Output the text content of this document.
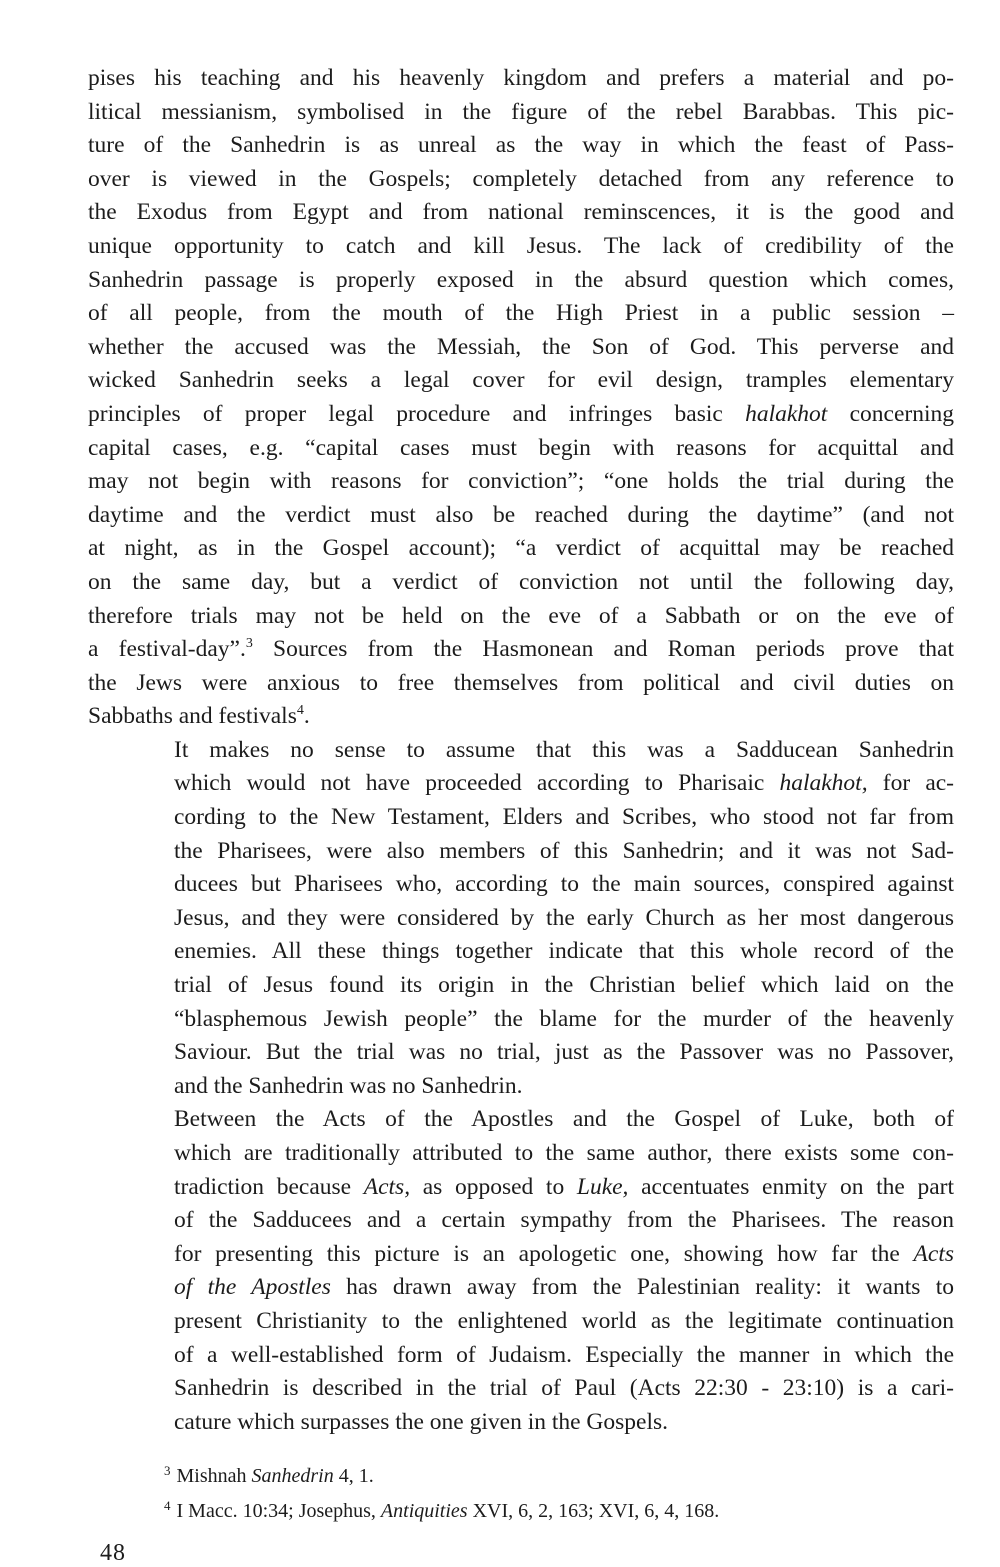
pises his teaching and his heavenly kingdom and prefers a material and po-
litical messianism, symbolised in the figure of the rebel Barabbas. This pic-
ture of the Sanhedrin is as unreal as the way in which the feast of Pass-
over is viewed in the Gospels; completely detached from any reference to
the Exodus from Egypt and from national reminscences, it is the good and
unique opportunity to catch and kill Jesus. The lack of credibility of the
Sanhedrin passage is properly exposed in the absurd question which comes,
of all people, from the mouth of the High Priest in a public session –
whether the accused was the Messiah, the Son of God. This perverse and
wicked Sanhedrin seeks a legal cover for evil design, tramples elementary
principles of proper legal procedure and infringes basic halakhot concerning
capital cases, e.g. “capital cases must begin with reasons for acquittal and
may not begin with reasons for conviction”; “one holds the trial during the
daytime and the verdict must also be reached during the daytime” (and not
at night, as in the Gospel account); “a verdict of acquittal may be reached
on the same day, but a verdict of conviction not until the following day,
therefore trials may not be held on the eve of a Sabbath or on the eve of
a festival-day”.$^3$ Sources from the Hasmonean and Roman periods prove that
the Jews were anxious to free themselves from political and civil duties on
Sabbaths and festivals$^4$.

It makes no sense to assume that this was a Sadducean Sanhedrin
which would not have proceeded according to Pharisaic halakhot, for ac-
cording to the New Testament, Elders and Scribes, who stood not far from
the Pharisees, were also members of this Sanhedrin; and it was not Sad-
ducees but Pharisees who, according to the main sources, conspired against
Jesus, and they were considered by the early Church as her most dangerous
enemies. All these things together indicate that this whole record of the
trial of Jesus found its origin in the Christian belief which laid on the
“blasphemous Jewish people” the blame for the murder of the heavenly
Saviour. But the trial was no trial, just as the Passover was no Passover,
and the Sanhedrin was no Sanhedrin.

Between the Acts of the Apostles and the Gospel of Luke, both of
which are traditionally attributed to the same author, there exists some con-
tradiction because Acts, as opposed to Luke, accentuates enmity on the part
of the Sadducees and a certain sympathy from the Pharisees. The reason
for presenting this picture is an apologetic one, showing how far the Acts
of the Apostles has drawn away from the Palestinian reality: it wants to
present Christianity to the enlightened world as the legitimate continuation
of a well-established form of Judaism. Especially the manner in which the
Sanhedrin is described in the trial of Paul (Acts 22:30 - 23:10) is a cari-
cature which surpasses the one given in the Gospels.

$^3$ Mishnah Sanhedrin 4, 1.

$^4$ I Macc. 10:34; Josephus, Antiquities XVI, 6, 2, 163; XVI, 6, 4, 168.

48
